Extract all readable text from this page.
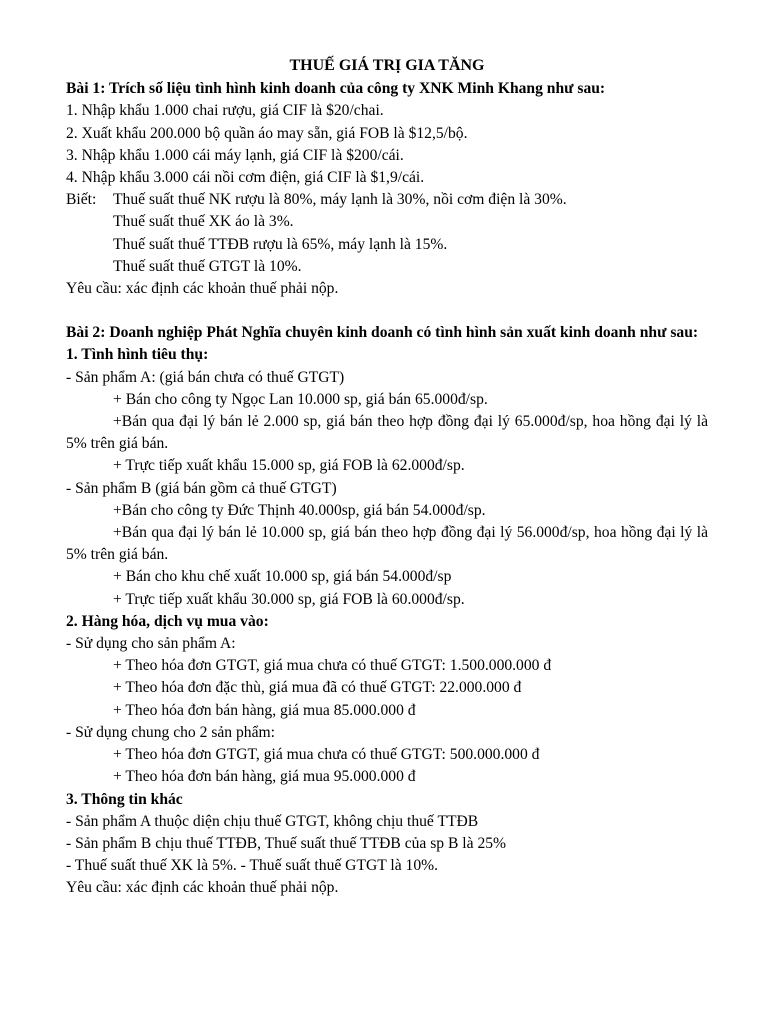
THUẾ GIÁ TRỊ GIA TĂNG
Bài 1: Trích số liệu tình hình kinh doanh của công ty XNK Minh Khang như sau:
1. Nhập khẩu 1.000 chai rượu, giá CIF là $20/chai.
2. Xuất khẩu 200.000 bộ quần áo may sẵn, giá FOB là $12,5/bộ.
3. Nhập khẩu 1.000 cái máy lạnh, giá CIF là $200/cái.
4. Nhập khẩu 3.000 cái nồi cơm điện, giá CIF là $1,9/cái.
Biết:	Thuế suất thuế NK rượu là 80%, máy lạnh là 30%, nồi cơm điện là 30%.
Thuế suất thuế XK áo là 3%.
Thuế suất thuế TTĐB rượu là 65%, máy lạnh là 15%.
Thuế suất thuế GTGT là 10%.
Yêu cầu: xác định các khoản thuế phải nộp.
Bài 2: Doanh nghiệp Phát Nghĩa chuyên kinh doanh có tình hình sản xuất kinh doanh như sau:
1. Tình hình tiêu thụ:
- Sản phẩm A: (giá bán chưa có thuế GTGT)
+ Bán cho công ty Ngọc Lan 10.000 sp, giá bán 65.000đ/sp.
+Bán qua đại lý bán lẻ 2.000 sp, giá bán theo hợp đồng đại lý 65.000đ/sp, hoa hồng đại lý là 5% trên giá bán.
+ Trực tiếp xuất khẩu 15.000 sp, giá FOB là 62.000đ/sp.
- Sản phẩm B (giá bán gồm cả thuế GTGT)
+Bán cho công ty Đức Thịnh 40.000sp, giá bán 54.000đ/sp.
+Bán qua đại lý bán lẻ 10.000 sp, giá bán theo hợp đồng đại lý 56.000đ/sp, hoa hồng đại lý là 5% trên giá bán.
+ Bán cho khu chế xuất 10.000 sp, giá bán 54.000đ/sp
+ Trực tiếp xuất khẩu 30.000 sp, giá FOB là 60.000đ/sp.
2. Hàng hóa, dịch vụ mua vào:
- Sử dụng cho sản phẩm A:
+ Theo hóa đơn GTGT, giá mua chưa có thuế GTGT: 1.500.000.000 đ
+ Theo hóa đơn đặc thù, giá mua đã có thuế GTGT: 22.000.000 đ
+ Theo hóa đơn bán hàng, giá mua 85.000.000 đ
- Sử dụng chung cho 2 sản phẩm:
+ Theo hóa đơn GTGT, giá mua chưa có thuế GTGT: 500.000.000 đ
+ Theo hóa đơn bán hàng, giá mua 95.000.000 đ
3. Thông tin khác
- Sản phẩm A thuộc diện chịu thuế GTGT, không chịu thuế TTĐB
- Sản phẩm B chịu thuế TTĐB, Thuế suất thuế TTĐB của sp B là 25%
- Thuế suất thuế XK là 5%. - Thuế suất thuế GTGT là 10%.
Yêu cầu: xác định các khoản thuế phải nộp.
